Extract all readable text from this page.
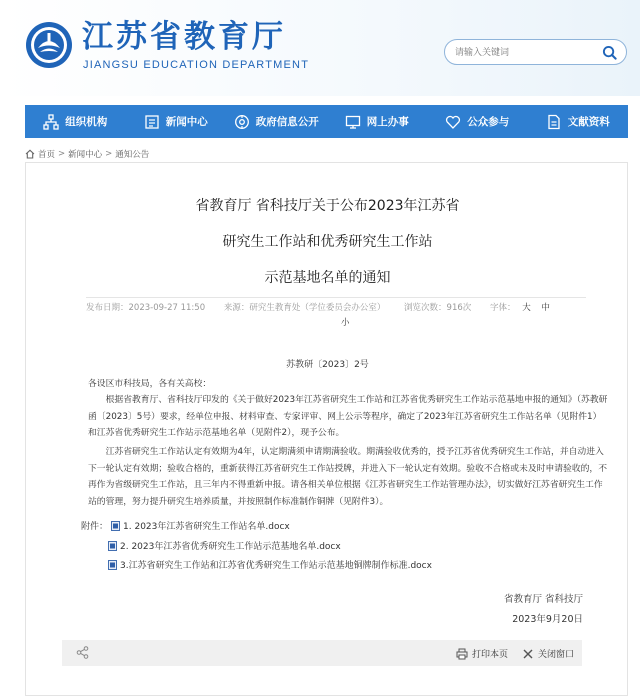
江苏省教育厅
JIANGSU EDUCATION DEPARTMENT
请输入关键词
组织机构	新闻中心	政府信息公开	网上办事	公众参与	文献资料
首页 > 新闻中心 > 通知公告
省教育厅 省科技厅关于公布2023年江苏省
研究生工作站和优秀研究生工作站
示范基地名单的通知
发布日期：2023-09-27 11:50 来源：研究生教育处（学位委员会办公室） 浏览次数：916次 字体： 大 中
小
苏教研〔2023〕2号
各设区市科技局，各有关高校：
根据省教育厅、省科技厅印发的《关于做好2023年江苏省研究生工作站和江苏省优秀研究生工作站示范基地申报的通知》（苏教研函〔2023〕5号）要求，经单位申报、材料审查、专家评审、网上公示等程序，确定了2023年江苏省研究生工作站名单（见附件1）和江苏省优秀研究生工作站示范基地名单（见附件2），现予公布。
江苏省研究生工作站认定有效期为4年，认定期满须申请期满验收。期满验收优秀的，授予江苏省优秀研究生工作站，并自动进入下一轮认定有效期；验收合格的，重新获得江苏省研究生工作站授牌，并进入下一轮认定有效期。验收不合格或未及时申请验收的，不再作为省级研究生工作站，且三年内不得重新申报。请各相关单位根据《江苏省研究生工作站管理办法》，切实做好江苏省研究生工作站的管理，努力提升研究生培养质量，并按照制作标准制作铜牌（见附件3）。
附件： 1. 2023年江苏省研究生工作站名单.docx
2. 2023年江苏省优秀研究生工作站示范基地名单.docx
3.江苏省研究生工作站和江苏省优秀研究生工作站示范基地铜牌制作标准.docx
省教育厅 省科技厅
2023年9月20日
打印本页	关闭窗口
